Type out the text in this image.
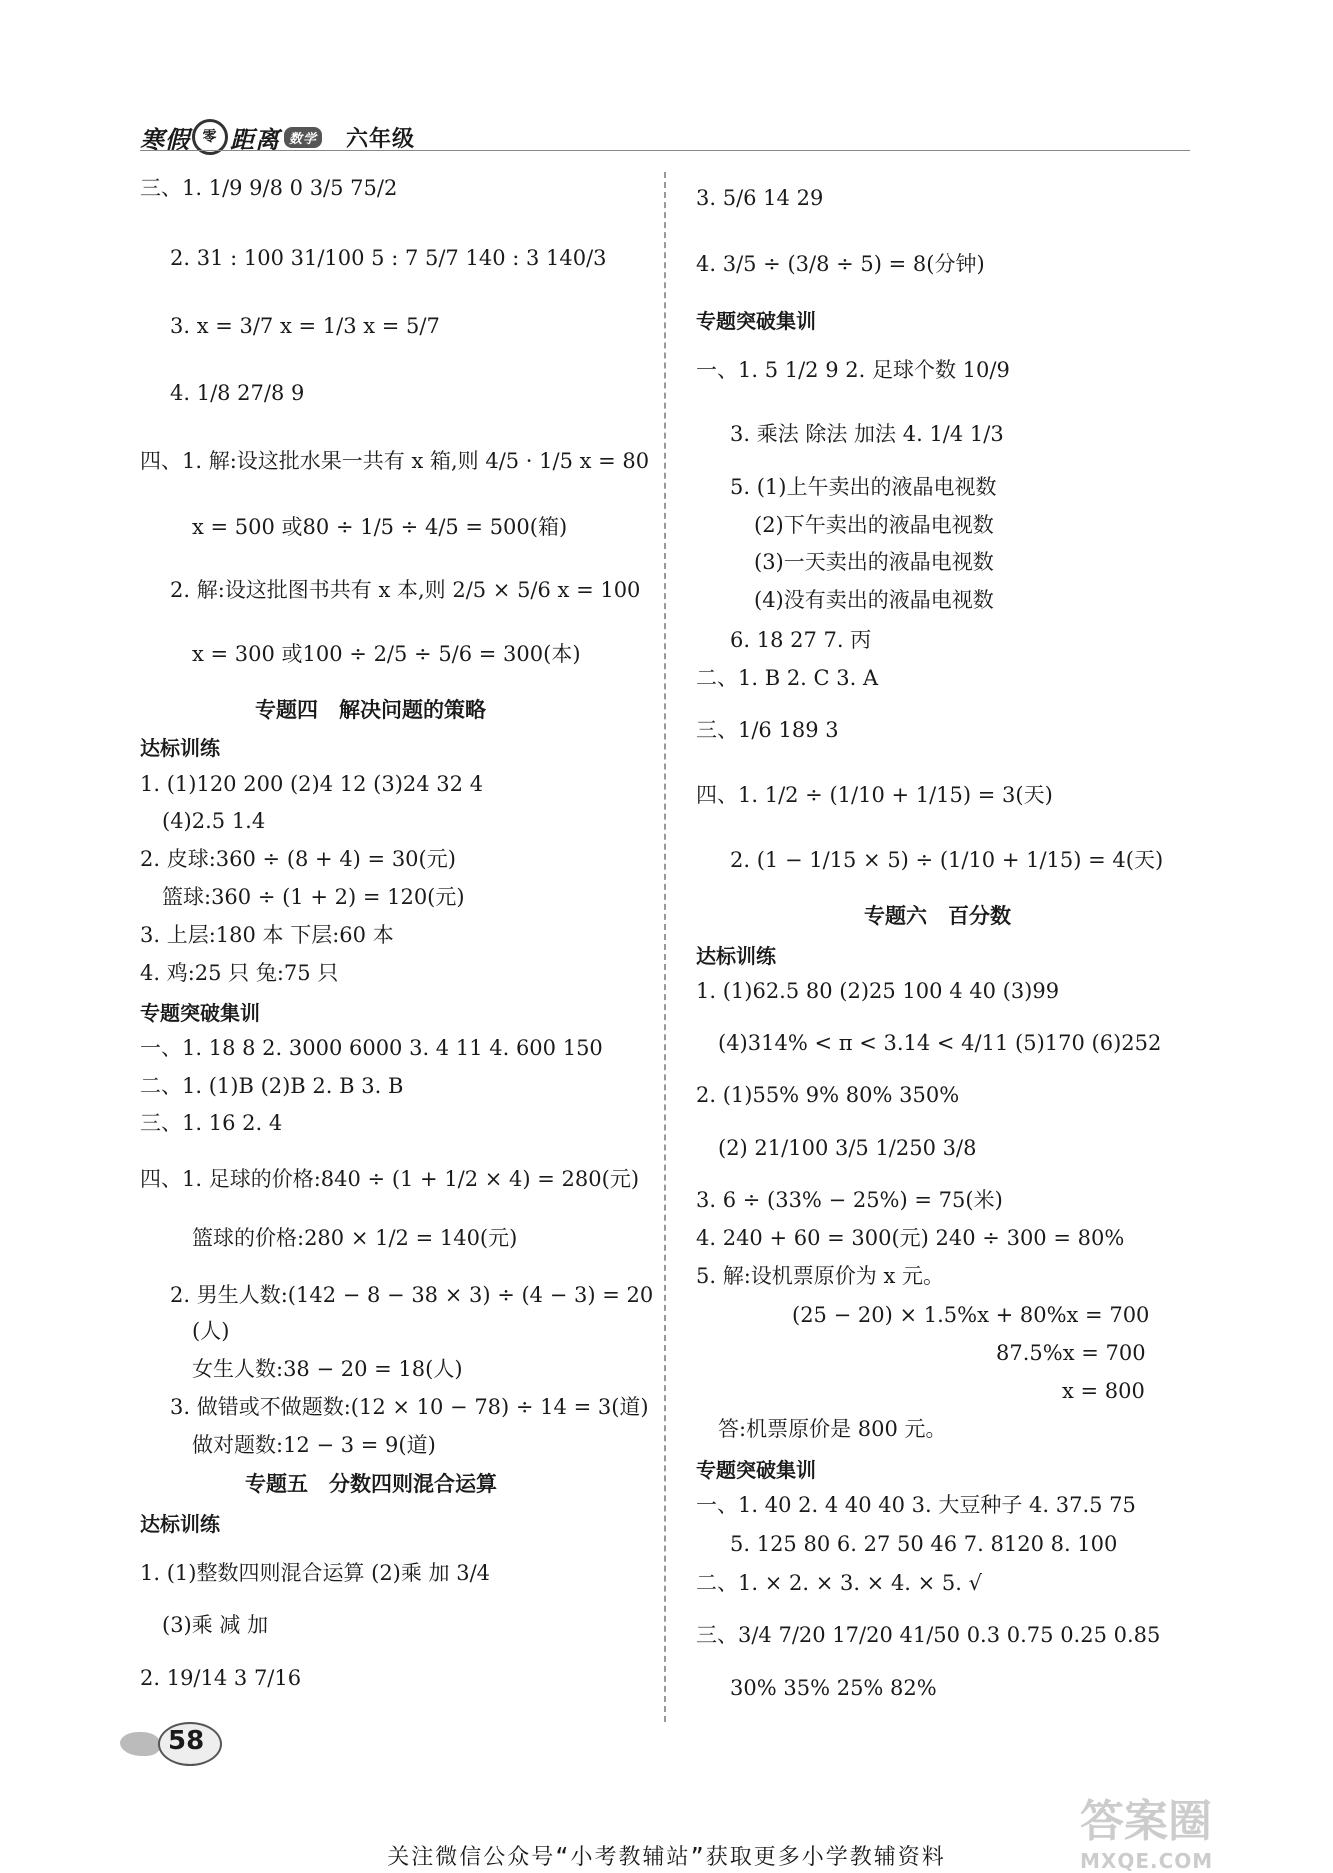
寒假 零 距离 数学 六年级
三、1. 1/9 9/8 0 3/5 75/2
2. 31 : 100 31/100 5 : 7 5/7 140 : 3 140/3
3. x = 3/7 x = 1/3 x = 5/7
4. 1/8 27/8 9
四、1. 解:设这批水果一共有 x 箱,则 4/5 · 1/5 x = 80
x = 500 或80 ÷ 1/5 ÷ 4/5 = 500(箱)
2. 解:设这批图书共有 x 本,则 2/5 × 5/6 x = 100
x = 300 或100 ÷ 2/5 ÷ 5/6 = 300(本)
专题四　解决问题的策略
达标训练
1. (1)120 200 (2)4 12 (3)24 32 4
(4)2.5 1.4
2. 皮球:360 ÷ (8 + 4) = 30(元)
篮球:360 ÷ (1 + 2) = 120(元)
3. 上层:180 本 下层:60 本
4. 鸡:25 只 兔:75 只
专题突破集训
一、1. 18 8 2. 3000 6000 3. 4 11 4. 600 150
二、1. (1)B (2)B 2. B 3. B
三、1. 16 2. 4
四、1. 足球的价格:840 ÷ (1 + 1/2 × 4) = 280(元)
篮球的价格:280 × 1/2 = 140(元)
2. 男生人数:(142 − 8 − 38 × 3) ÷ (4 − 3) = 20
(人)
女生人数:38 − 20 = 18(人)
3. 做错或不做题数:(12 × 10 − 78) ÷ 14 = 3(道)
做对题数:12 − 3 = 9(道)
专题五　分数四则混合运算
达标训练
1. (1)整数四则混合运算 (2)乘 加 3/4
(3)乘 减 加
2. 19/14 3 7/16
3. 5/6 14 29
4. 3/5 ÷ (3/8 ÷ 5) = 8(分钟)
专题突破集训
一、1. 5 1/2 9 2. 足球个数 10/9
3. 乘法 除法 加法 4. 1/4 1/3
5. (1)上午卖出的液晶电视数
(2)下午卖出的液晶电视数
(3)一天卖出的液晶电视数
(4)没有卖出的液晶电视数
6. 18 27 7. 丙
二、1. B 2. C 3. A
三、1/6 189 3
四、1. 1/2 ÷ (1/10 + 1/15) = 3(天)
2. (1 − 1/15 × 5) ÷ (1/10 + 1/15) = 4(天)
专题六　百分数
达标训练
1. (1)62.5 80 (2)25 100 4 40 (3)99
(4)314% < π < 3.14̇ < 4/11 (5)170 (6)252
2. (1)55% 9% 80% 350%
(2) 21/100 3/5 1/250 3/8
3. 6 ÷ (33% − 25%) = 75(米)
4. 240 + 60 = 300(元) 240 ÷ 300 = 80%
5. 解:设机票原价为 x 元。
(25 − 20) × 1.5%x + 80%x = 700
87.5%x = 700
x = 800
答:机票原价是 800 元。
专题突破集训
一、1. 40 2. 4 40 40 3. 大豆种子 4. 37.5 75
5. 125 80 6. 27 50 46 7. 8120 8. 100
二、1. × 2. × 3. × 4. × 5. √
三、3/4 7/20 17/20 41/50 0.3 0.75 0.25 0.85
30% 35% 25% 82%
58
答案圈
MXQE.COM
关注微信公众号“小考教辅站”获取更多小学教辅资料
